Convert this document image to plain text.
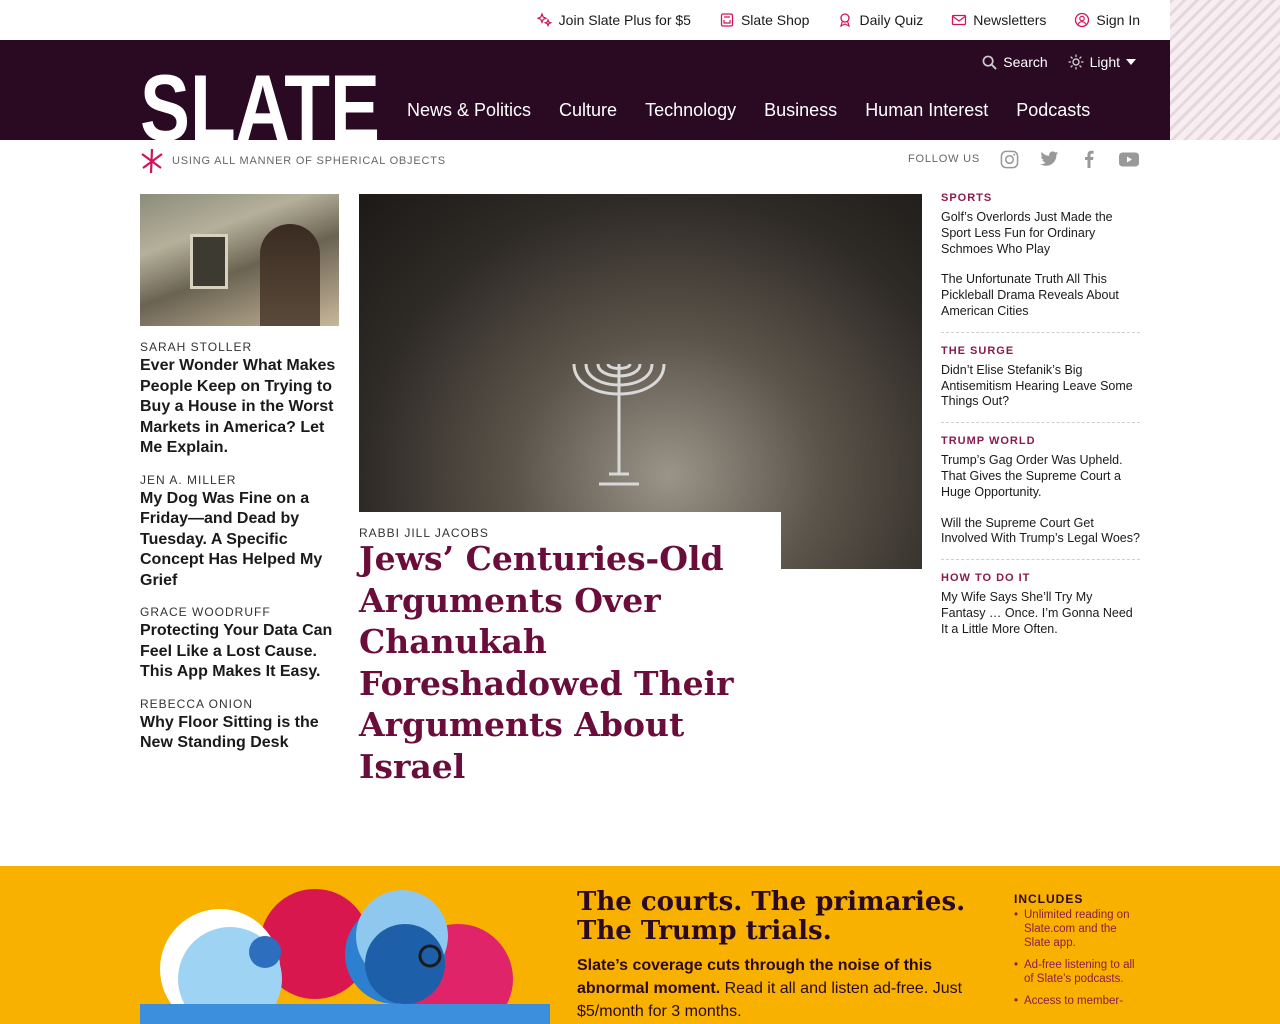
Join Slate Plus for $5	Slate Shop	Daily Quiz	Newsletters	Sign In
SLATE	Search	Light
News & Politics Culture Technology Business Human Interest Podcasts
USING ALL MANNER OF SPHERICAL OBJECTS	FOLLOW US
SARAH STOLLER
Ever Wonder What Makes People Keep on Trying to Buy a House in the Worst Markets in America? Let Me Explain.
JEN A. MILLER
My Dog Was Fine on a Friday—and Dead by Tuesday. A Specific Concept Has Helped My Grief
GRACE WOODRUFF
Protecting Your Data Can Feel Like a Lost Cause. This App Makes It Easy.
REBECCA ONION
Why Floor Sitting is the New Standing Desk
RABBI JILL JACOBS
Jews’ Centuries-Old Arguments Over Chanukah Foreshadowed Their Arguments About Israel
SPORTS
Golf’s Overlords Just Made the Sport Less Fun for Ordinary Schmoes Who Play
The Unfortunate Truth All This Pickleball Drama Reveals About American Cities
THE SURGE
Didn’t Elise Stefanik’s Big Antisemitism Hearing Leave Some Things Out?
TRUMP WORLD
Trump’s Gag Order Was Upheld. That Gives the Supreme Court a Huge Opportunity.
Will the Supreme Court Get Involved With Trump’s Legal Woes?
HOW TO DO IT
My Wife Says She’ll Try My Fantasy … Once. I’m Gonna Need It a Little More Often.
The courts. The primaries. The Trump trials.
Slate’s coverage cuts through the noise of this abnormal moment. Read it all and listen ad-free. Just $5/month for 3 months.
INCLUDES
• Unlimited reading on Slate.com and the Slate app.
• Ad-free listening to all of Slate’s podcasts.
• Access to member-
